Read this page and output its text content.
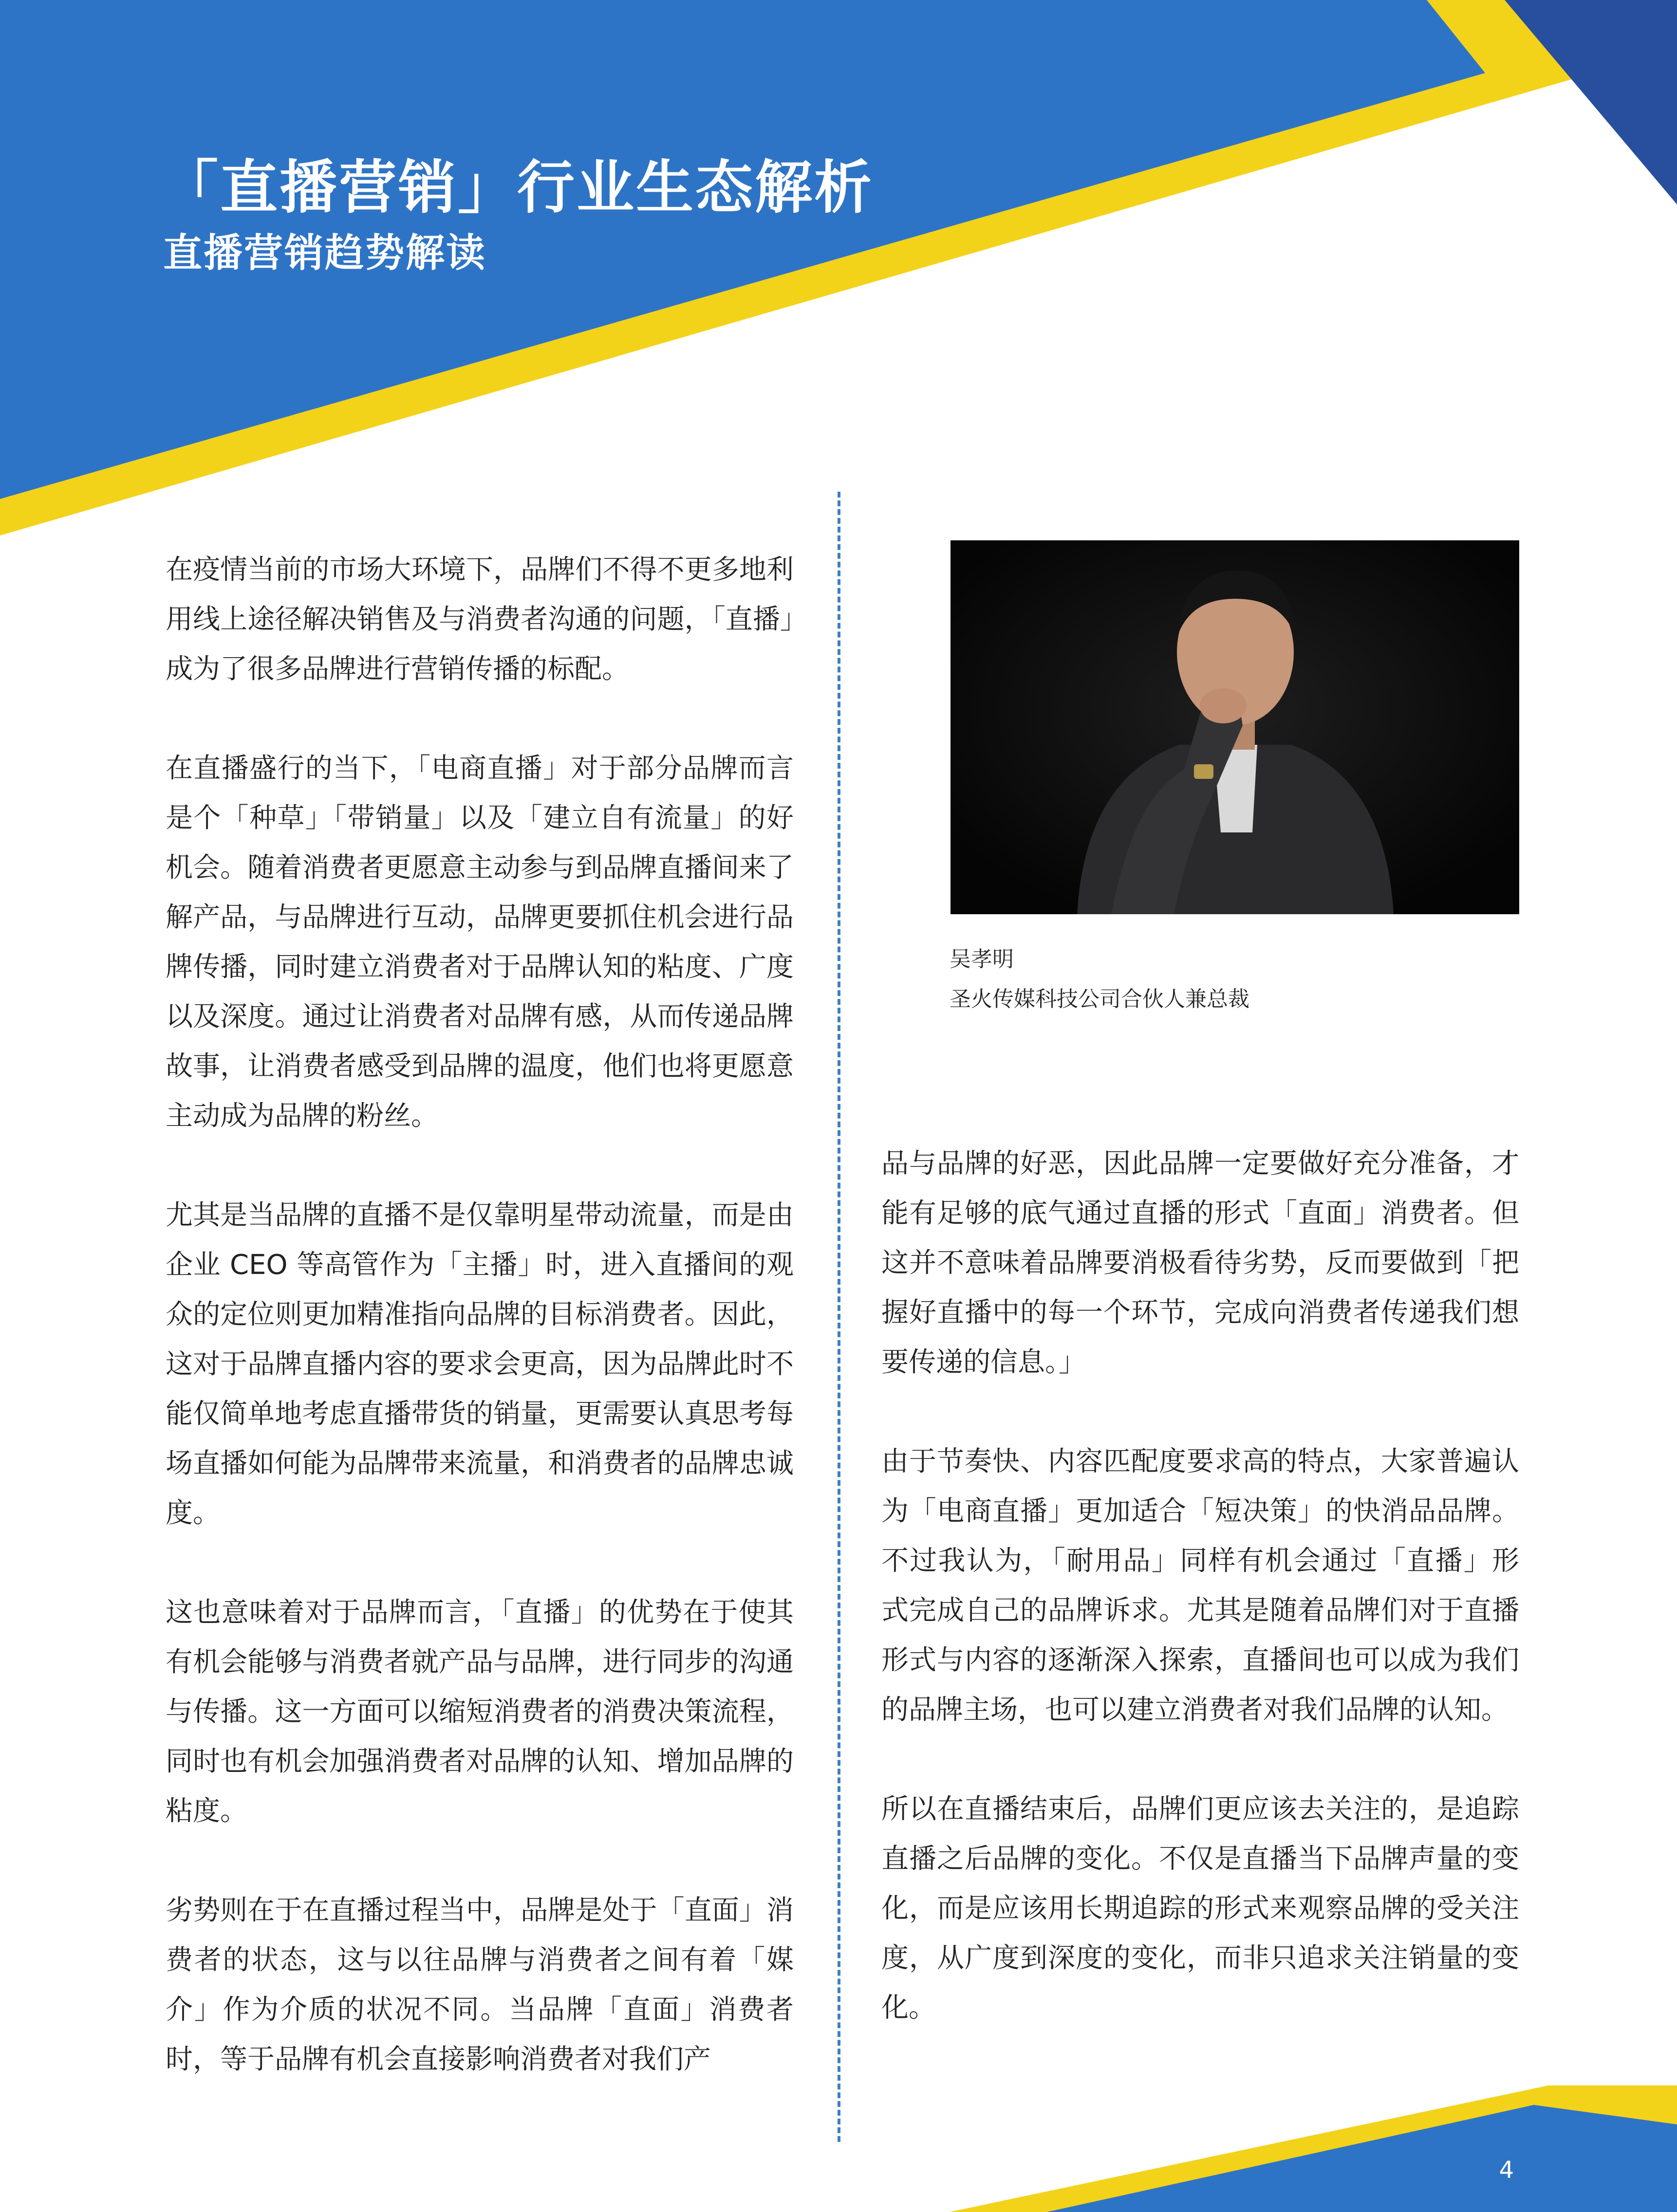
「直播营销」行业生态解析
直播营销趋势解读

在疫情当前的市场大环境下，品牌们不得不更多地利用线上途径解决销售及与消费者沟通的问题，「直播」成为了很多品牌进行营销传播的标配。

在直播盛行的当下，「电商直播」对于部分品牌而言是个「种草」「带销量」以及「建立自有流量」的好机会。随着消费者更愿意主动参与到品牌直播间来了解产品，与品牌进行互动，品牌更要抓住机会进行品牌传播，同时建立消费者对于品牌认知的粘度、广度以及深度。通过让消费者对品牌有感，从而传递品牌故事，让消费者感受到品牌的温度，他们也将更愿意主动成为品牌的粉丝。

尤其是当品牌的直播不是仅靠明星带动流量，而是由企业 CEO 等高管作为「主播」时，进入直播间的观众的定位则更加精准指向品牌的目标消费者。因此，这对于品牌直播内容的要求会更高，因为品牌此时不能仅简单地考虑直播带货的销量，更需要认真思考每场直播如何能为品牌带来流量，和消费者的品牌忠诚度。

这也意味着对于品牌而言，「直播」的优势在于使其有机会能够与消费者就产品与品牌，进行同步的沟通与传播。这一方面可以缩短消费者的消费决策流程，同时也有机会加强消费者对品牌的认知、增加品牌的粘度。

劣势则在于在直播过程当中，品牌是处于「直面」消费者的状态，这与以往品牌与消费者之间有着「媒介」作为介质的状况不同。当品牌「直面」消费者时，等于品牌有机会直接影响消费者对我们产

吴孝明
圣火传媒科技公司合伙人兼总裁

品与品牌的好恶，因此品牌一定要做好充分准备，才能有足够的底气通过直播的形式「直面」消费者。但这并不意味着品牌要消极看待劣势，反而要做到「把握好直播中的每一个环节，完成向消费者传递我们想要传递的信息。」

由于节奏快、内容匹配度要求高的特点，大家普遍认为「电商直播」更加适合「短决策」的快消品品牌。不过我认为，「耐用品」同样有机会通过「直播」形式完成自己的品牌诉求。尤其是随着品牌们对于直播形式与内容的逐渐深入探索，直播间也可以成为我们的品牌主场，也可以建立消费者对我们品牌的认知。

所以在直播结束后，品牌们更应该去关注的，是追踪直播之后品牌的变化。不仅是直播当下品牌声量的变化，而是应该用长期追踪的形式来观察品牌的受关注度，从广度到深度的变化，而非只追求关注销量的变化。

4
